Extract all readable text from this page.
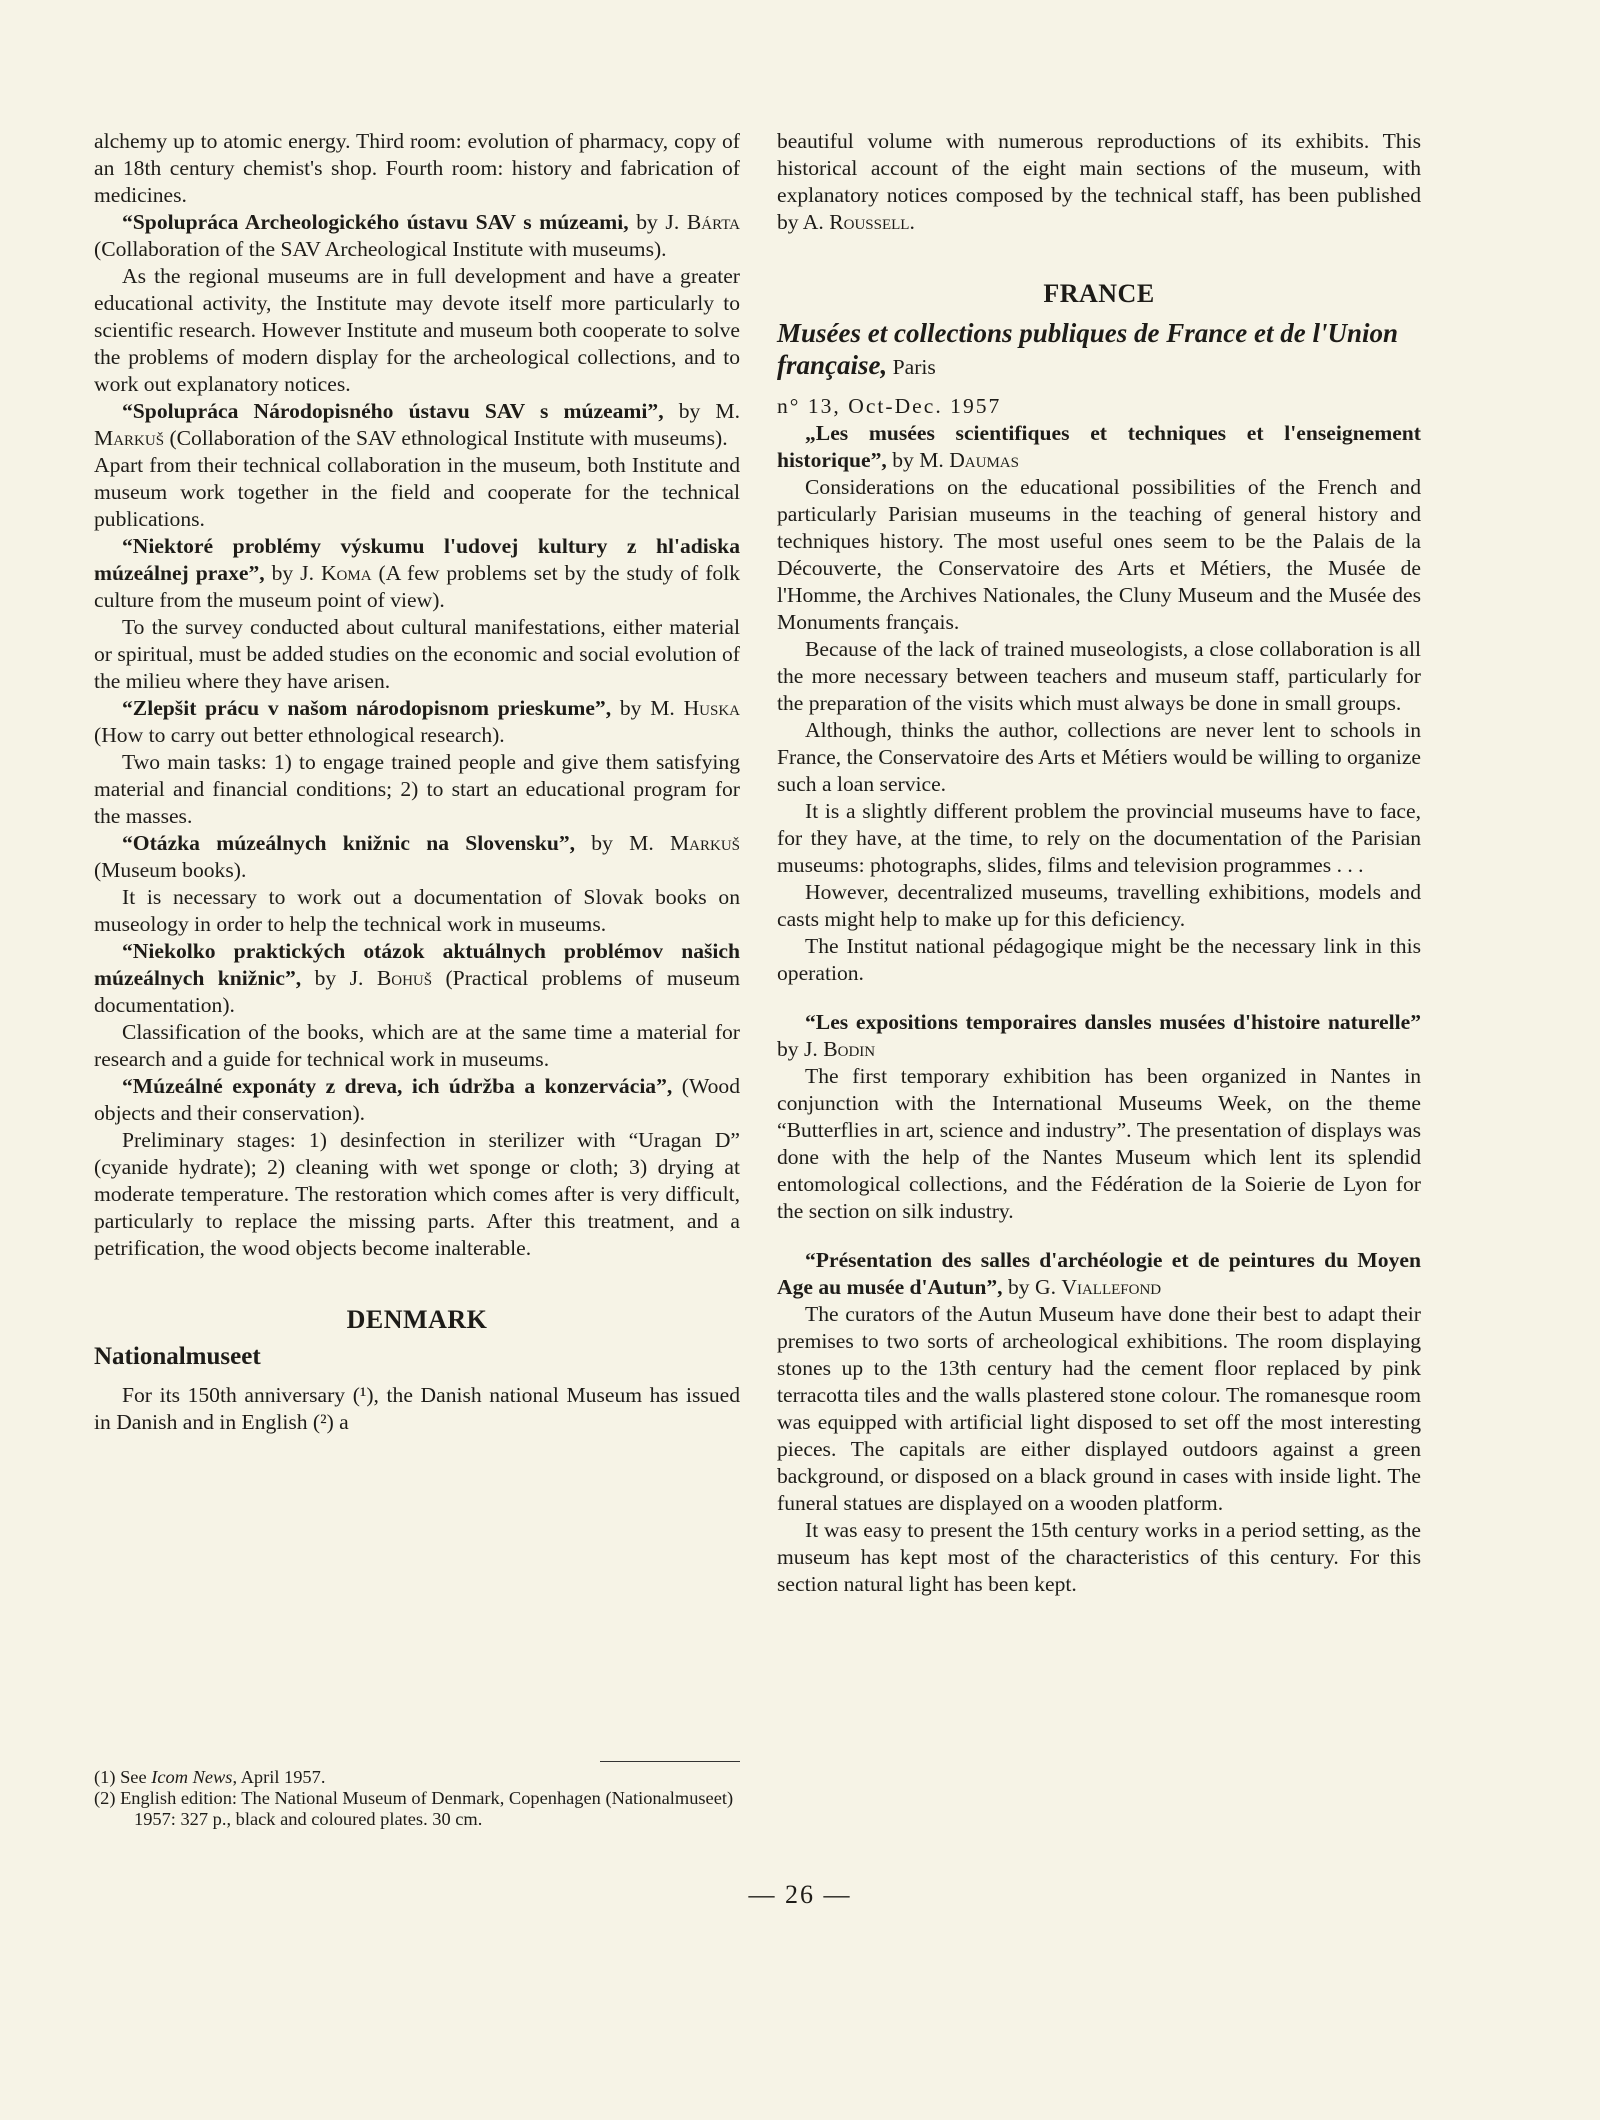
alchemy up to atomic energy. Third room: evolution of pharmacy, copy of an 18th century chemist's shop. Fourth room: history and fabrication of medicines.

“Spolupráca Archeologického ústavu SAV s múzeami, by J. Bárta (Collaboration of the SAV Archeological Institute with museums).

As the regional museums are in full development and have a greater educational activity, the Institute may devote itself more particularly to scientific research. However Institute and museum both cooperate to solve the problems of modern display for the archeological collections, and to work out explanatory notices.

“Spolupráca Národopisného ústavu SAV s múzeami”, by M. Markuš (Collaboration of the SAV ethnological Institute with museums).

Apart from their technical collaboration in the museum, both Institute and museum work together in the field and cooperate for the technical publications.

“Niektoré problémy výskumu l'udovej kultury z hl'adiska múzeálnej praxe”, by J. Koma (A few problems set by the study of folk culture from the museum point of view).

To the survey conducted about cultural manifestations, either material or spiritual, must be added studies on the economic and social evolution of the milieu where they have arisen.

“Zlepšit prácu v našom národopisnom prieskume”, by M. Huska (How to carry out better ethnological research).

Two main tasks: 1) to engage trained people and give them satisfying material and financial conditions; 2) to start an educational program for the masses.

“Otázka múzeálnych knižnic na Slovensku”, by M. Markuš (Museum books).

It is necessary to work out a documentation of Slovak books on museology in order to help the technical work in museums.

“Niekolko praktických otázok aktuálnych problémov našich múzeálnych knižnic”, by J. Bohuš (Practical problems of museum documentation).

Classification of the books, which are at the same time a material for research and a guide for technical work in museums.

“Múzeálné exponáty z dreva, ich údržba a konzervácia”, (Wood objects and their conservation).

Preliminary stages: 1) desinfection in sterilizer with “Uragan D” (cyanide hydrate); 2) cleaning with wet sponge or cloth; 3) drying at moderate temperature. The restoration which comes after is very difficult, particularly to replace the missing parts. After this treatment, and a petrification, the wood objects become inalterable.

DENMARK
Nationalmuseet

For its 150th anniversary (¹), the Danish national Museum has issued in Danish and in English (²) a

(1) See Icom News, April 1957.

(2) English edition: The National Museum of Denmark, Copenhagen (Nationalmuseet) 1957: 327 p., black and coloured plates. 30 cm.

beautiful volume with numerous reproductions of its exhibits. This historical account of the eight main sections of the museum, with explanatory notices composed by the technical staff, has been published by A. Roussell.

FRANCE
Musées et collections publiques de France et de l'Union française, Paris

n° 13, Oct-Dec. 1957

„Les musées scientifiques et techniques et l'enseignement historique”, by M. Daumas

Considerations on the educational possibilities of the French and particularly Parisian museums in the teaching of general history and techniques history. The most useful ones seem to be the Palais de la Découverte, the Conservatoire des Arts et Métiers, the Musée de l'Homme, the Archives Nationales, the Cluny Museum and the Musée des Monuments français.

Because of the lack of trained museologists, a close collaboration is all the more necessary between teachers and museum staff, particularly for the preparation of the visits which must always be done in small groups.

Although, thinks the author, collections are never lent to schools in France, the Conservatoire des Arts et Métiers would be willing to organize such a loan service.

It is a slightly different problem the provincial museums have to face, for they have, at the time, to rely on the documentation of the Parisian museums: photographs, slides, films and television programmes . . .

However, decentralized museums, travelling exhibitions, models and casts might help to make up for this deficiency.

The Institut national pédagogique might be the necessary link in this operation.

“Les expositions temporaires dansles musées d'histoire naturelle” by J. Bodin

The first temporary exhibition has been organized in Nantes in conjunction with the International Museums Week, on the theme “Butterflies in art, science and industry”. The presentation of displays was done with the help of the Nantes Museum which lent its splendid entomological collections, and the Fédération de la Soierie de Lyon for the section on silk industry.

“Présentation des salles d'archéologie et de peintures du Moyen Age au musée d'Autun”, by G. Viallefond

The curators of the Autun Museum have done their best to adapt their premises to two sorts of archeological exhibitions. The room displaying stones up to the 13th century had the cement floor replaced by pink terracotta tiles and the walls plastered stone colour. The romanesque room was equipped with artificial light disposed to set off the most interesting pieces. The capitals are either displayed outdoors against a green background, or disposed on a black ground in cases with inside light. The funeral statues are displayed on a wooden platform.

It was easy to present the 15th century works in a period setting, as the museum has kept most of the characteristics of this century. For this section natural light has been kept.

— 26 —
